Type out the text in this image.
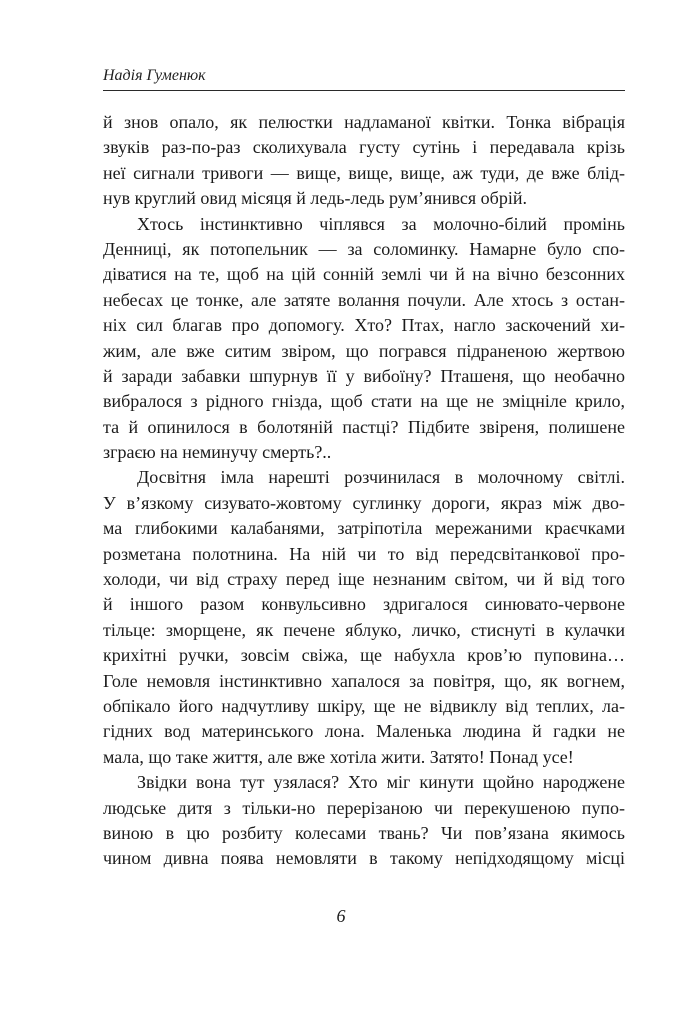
Надія Гуменюк
й знов опало, як пелюстки надламаної квітки. Тонка вібрація
звуків раз-по-раз сколихувала густу сутінь і передавала крізь
неї сигнали тривоги — вище, вище, вище, аж туди, де вже блід-
нув круглий овид місяця й ледь-ледь рум’янився обрій.
Хтось інстинктивно чіплявся за молочно-білий промінь
Денниці, як потопельник — за соломинку. Намарне було спо-
діватися на те, щоб на цій сонній землі чи й на вічно безсонних
небесах це тонке, але затяте волання почули. Але хтось з остан-
ніх сил благав про допомогу. Хто? Птах, нагло заскочений хи-
жим, але вже ситим звіром, що погрався підраненою жертвою
й заради забавки шпурнув її у вибоїну? Пташеня, що необачно
вибралося з рідного гнізда, щоб стати на ще не зміцніле крило,
та й опинилося в болотяній пастці? Підбите звіреня, полишене
зграєю на неминучу смерть?..
Досвітня імла нарешті розчинилася в молочному світлі.
У в’язкому сизувато-жовтому суглинку дороги, якраз між дво-
ма глибокими калабанями, затріпотіла мережаними краєчками
розметана полотнина. На ній чи то від передсвітанкової про-
холоди, чи від страху перед іще незнаним світом, чи й від того
й іншого разом конвульсивно здригалося синювато-червоне
тільце: зморщене, як печене яблуко, личко, стиснуті в кулачки
крихітні ручки, зовсім свіжа, ще набухла кров’ю пуповина…
Голе немовля інстинктивно хапалося за повітря, що, як вогнем,
обпікало його надчутливу шкіру, ще не відвиклу від теплих, ла-
гідних вод материнського лона. Маленька людина й гадки не
мала, що таке життя, але вже хотіла жити. Затято! Понад усе!
Звідки вона тут узялася? Хто міг кинути щойно народжене
людське дитя з тільки-но перерізаною чи перекушеною пупо-
виною в цю розбиту колесами твань? Чи пов’язана якимось
чином дивна поява немовляти в такому непідходящому місці
6
